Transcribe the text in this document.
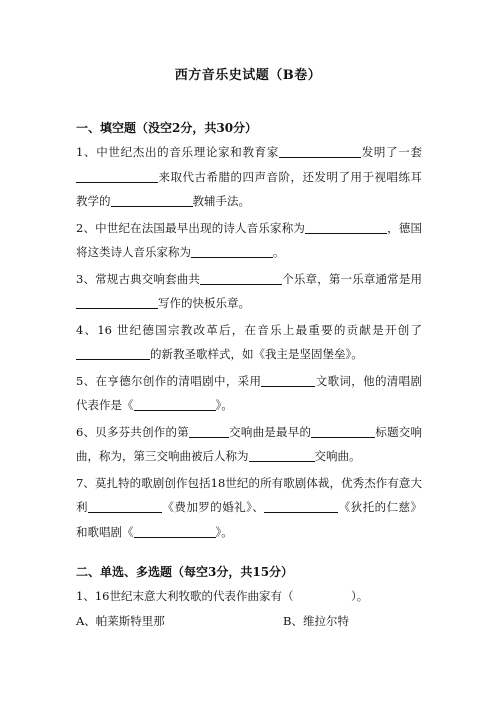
西方音乐史试题（B卷）

一、填空题（没空2分，共30分）

1、中世纪杰出的音乐理论家和教育家	发明了一套来取代古希腊的四声音阶，还发明了用于视唱练耳教学的	教辅手法。

2、中世纪在法国最早出现的诗人音乐家称为	，德国将这类诗人音乐家称为	。

3、常规古典交响套曲共	个乐章，第一乐章通常是用写作的快板乐章。

4、16 世纪德国宗教改革后，在音乐上最重要的贡献是开创了的新教圣歌样式，如《我主是坚固堡垒》。

5、在亨德尔创作的清唱剧中，采用	文歌词，他的清唱剧代表作是《	》。

6、贝多芬共创作的第	交响曲是最早的	标题交响曲，称为，第三交响曲被后人称为	交响曲。

7、莫扎特的歌剧创作包括18世纪的所有歌剧体裁，优秀杰作有意大利	《费加罗的婚礼》、	《狄托的仁慈》和歌唱剧《	》。

二、单选、多选题（每空3分，共15分）

1、16世纪末意大利牧歌的代表作曲家有（　　　　　）。

A、帕莱斯特里那	B、维拉尔特
